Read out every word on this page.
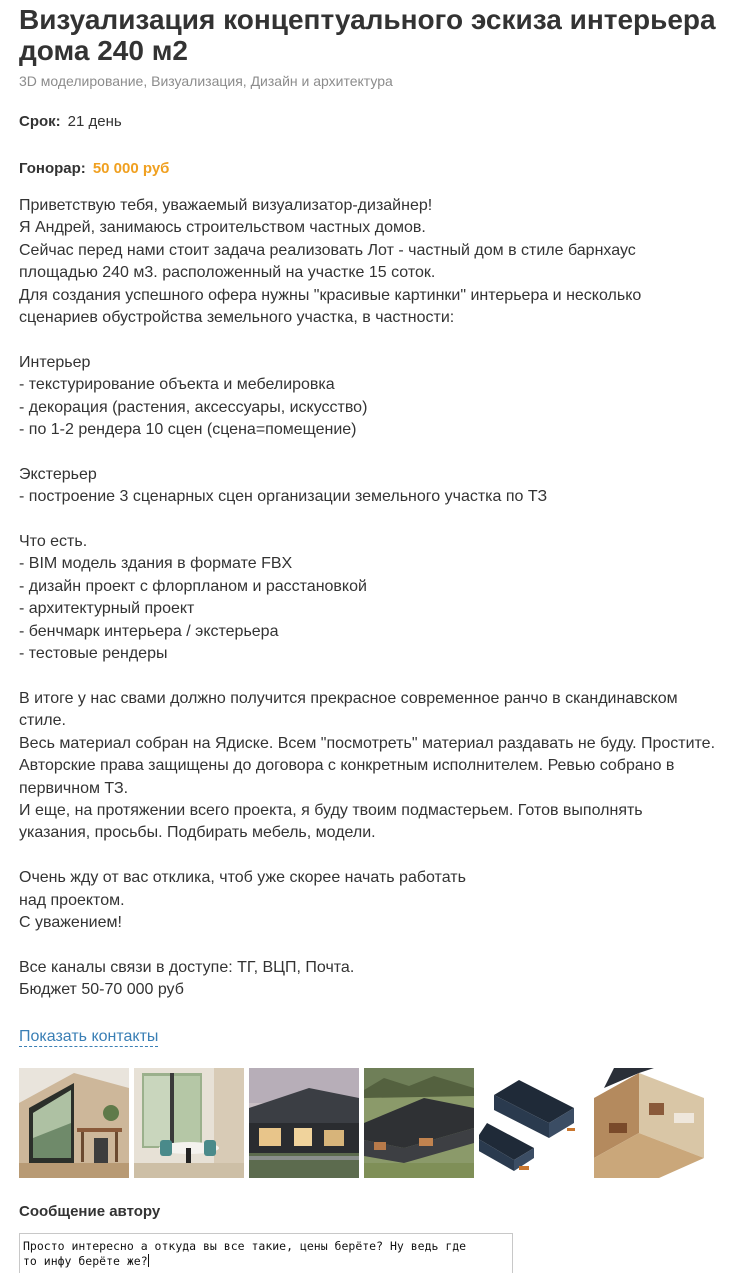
Визуализация концептуального эскиза интерьера дома 240 м2
3D моделирование, Визуализация, Дизайн и архитектура
Срок: 21 день
Гонорар: 50 000 руб

Приветствую тебя, уважаемый визуализатор-дизайнер!

Я Андрей, занимаюсь строительством частных домов.

Сейчас перед нами стоит задача реализовать Лот - частный дом в стиле барнхаус

площадью 240 м3. расположенный на участке 15 соток.

Для создания успешного офера нужны "красивые картинки" интерьера и несколько

сценариев обустройства земельного участка, в частности:

Интерьер

- текстурирование объекта и мебелировка

- декорация (растения, аксессуары, искусство)

- по 1-2 рендера 10 сцен (сцена=помещение)

Экстерьер

- построение 3 сценарных сцен организации земельного участка по ТЗ

Что есть.

- BIM модель здания в формате FBX

- дизайн проект с флорпланом и расстановкой

- архитектурный проект

- бенчмарк интерьера / экстерьера

- тестовые рендеры

В итоге у нас свами должно получится прекрасное современное ранчо в скандинавском

стиле.

Весь материал собран на Ядиске. Всем "посмотреть" материал раздавать не буду. Простите.

Авторские права защищены до договора с конкретным исполнителем. Ревью собрано в

первичном ТЗ.

И еще, на протяжении всего проекта, я буду твоим подмастерьем. Готов выполнять

указания, просьбы. Подбирать мебель, модели.

Очень жду от вас отклика, чтоб уже скорее начать работать

над проектом.

С уважением!

Все каналы связи в доступе: ТГ, ВЦП, Почта.

Бюджет 50-70 000 руб

Показать контакты
Сообщение автору
Просто интересно а откуда вы все такие, цены берёте? Ну ведь где
то инфу берёте же?
